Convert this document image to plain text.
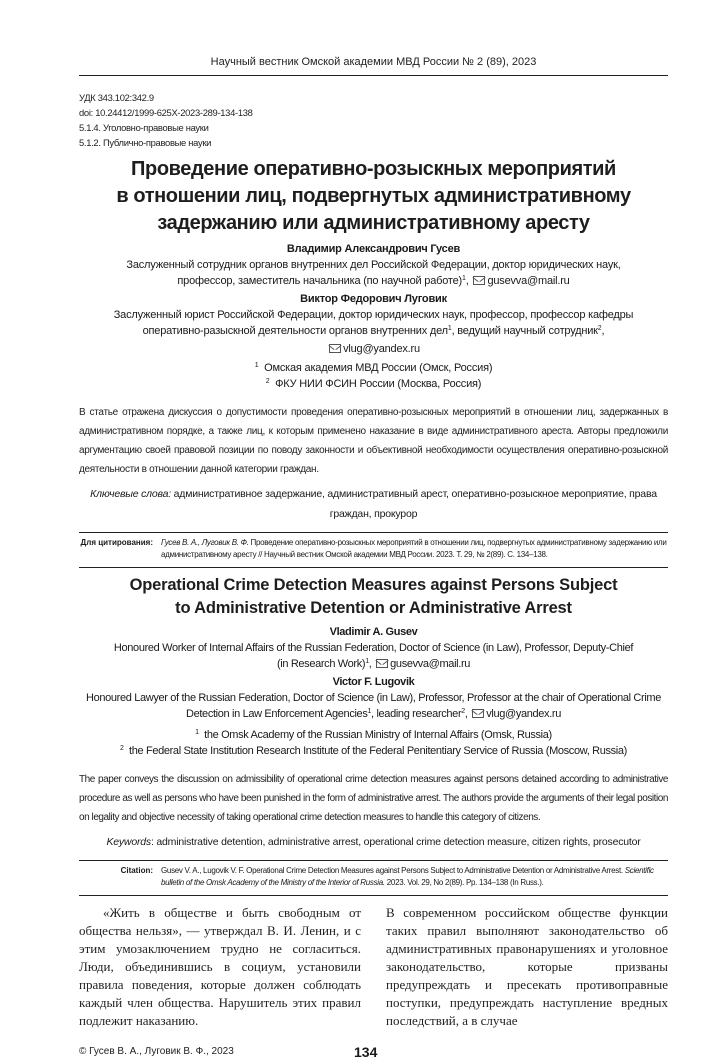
Научный вестник Омской академии МВД России № 2 (89), 2023
УДК 343.102:342.9
doi: 10.24412/1999-625X-2023-289-134-138
5.1.4. Уголовно-правовые науки
5.1.2. Публично-правовые науки
Проведение оперативно-розыскных мероприятий
в отношении лиц, подвергнутых административному
задержанию или административному аресту
Владимир Александрович Гусев
Заслуженный сотрудник органов внутренних дел Российской Федерации, доктор юридических наук,
профессор, заместитель начальника (по научной работе)$^1$, gusevva@mail.ru
Виктор Федорович Луговик
Заслуженный юрист Российской Федерации, доктор юридических наук, профессор, профессор кафедры
оперативно-разыскной деятельности органов внутренних дел$^1$, ведущий научный сотрудник$^2$,
vlug@yandex.ru
$^1$ Омская академия МВД России (Омск, Россия)
$^2$ ФКУ НИИ ФСИН России (Москва, Россия)
В статье отражена дискуссия о допустимости проведения оперативно-розыскных мероприятий в отношении лиц, задержанных в административном порядке, а также лиц, к которым применено наказание в виде административного ареста. Авторы предложили аргументацию своей правовой позиции по поводу законности и объективной необходимости осуществления оперативно-розыскной деятельности в отношении данной категории граждан.
Ключевые слова: административное задержание, административный арест, оперативно-розыскное мероприятие, права граждан, прокурор
Для цитирования:	Гусев В. А., Луговик В. Ф. Проведение оперативно-розыскных мероприятий в отношении лиц, подвергнутых административному задержанию или административному аресту // Научный вестник Омской академии МВД России. 2023. Т. 29, № 2(89). С. 134–138.
Operational Crime Detection Measures against Persons Subject
to Administrative Detention or Administrative Arrest
Vladimir A. Gusev
Honoured Worker of Internal Affairs of the Russian Federation, Doctor of Science (in Law), Professor, Deputy-Chief
(in Research Work)$^1$, gusevva@mail.ru
Victor F. Lugovik
Honoured Lawyer of the Russian Federation, Doctor of Science (in Law), Professor, Professor at the chair of Operational Crime
Detection in Law Enforcement Agencies$^1$, leading researcher$^2$, vlug@yandex.ru
$^1$ the Omsk Academy of the Russian Ministry of Internal Affairs (Omsk, Russia)
$^2$ the Federal State Institution Research Institute of the Federal Penitentiary Service of Russia (Moscow, Russia)
The paper conveys the discussion on admissibility of operational crime detection measures against persons detained according to administrative procedure as well as persons who have been punished in the form of administrative arrest. The authors provide the arguments of their legal position on legality and objective necessity of taking operational crime detection measures to handle this category of citizens.
Keywords: administrative detention, administrative arrest, operational crime detection measure, citizen rights, prosecutor
Citation:	Gusev V. A., Lugovik V. F. Operational Crime Detection Measures against Persons Subject to Administrative Detention or Administrative Arrest. Scientific bulletin of the Omsk Academy of the Ministry of the Interior of Russia. 2023. Vol. 29, No 2(89). Pp. 134–138 (In Russ.).
«Жить в обществе и быть свободным от общества нельзя», — утверждал В. И. Ленин, и с этим умозаключением трудно не согласиться. Люди, объединившись в социум, установили правила поведения, которые должен соблюдать каждый член общества. Нарушитель этих правил подлежит наказанию.
В современном российском обществе функции таких правил выполняют законодательство об административных правонарушениях и уголовное законодательство, которые призваны предупреждать и пресекать противоправные поступки, предупреждать наступление вредных последствий, а в случае
© Гусев В. А., Луговик В. Ф., 2023	134
